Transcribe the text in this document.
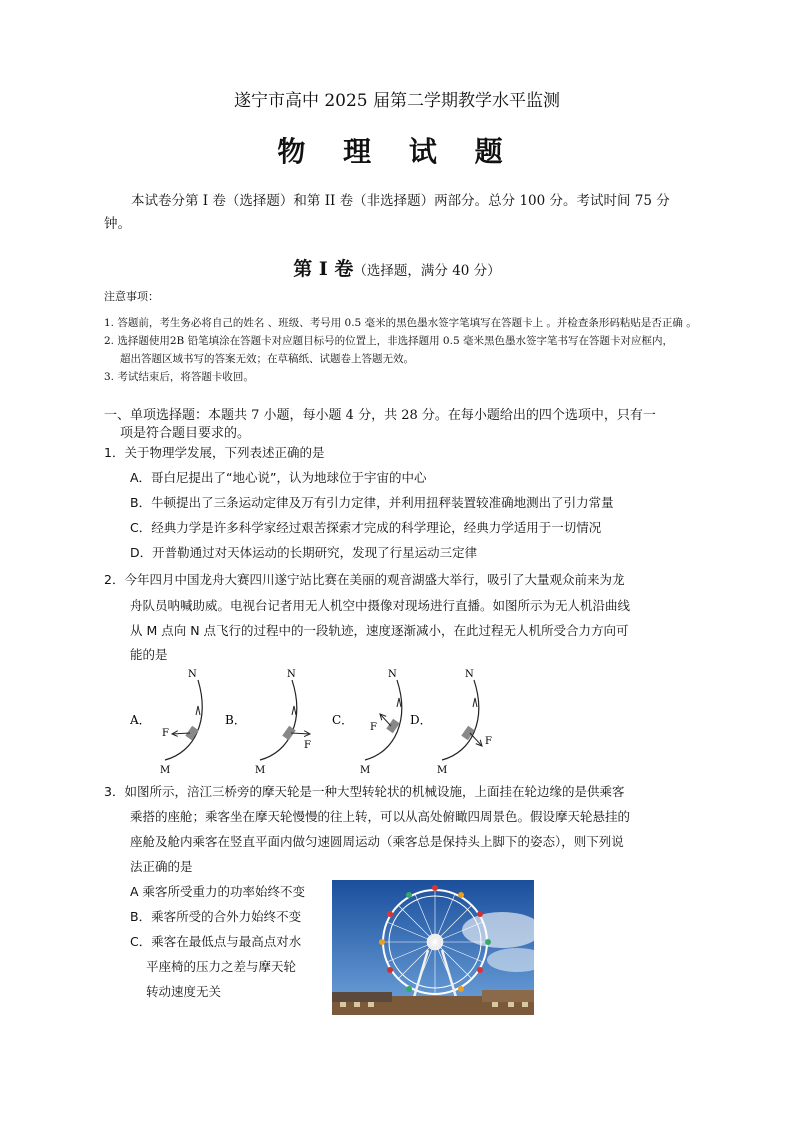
遂宁市高中 2025 届第二学期教学水平监测
物 理 试 题
本试卷分第 I 卷（选择题）和第 II 卷（非选择题）两部分。总分 100 分。考试时间 75 分钟。
第 Ⅰ 卷（选择题，满分 40 分）
注意事项：
1. 答题前，考生务必将自己的姓名 、班级、考号用 0.5 毫米的黑色墨水签字笔填写在答题卡上 。并检查条形码粘贴是否正确 。
2. 选择题使用2B 铅笔填涂在答题卡对应题目标号的位置上，非选择题用 0.5 毫米黑色墨水签字笔书写在答题卡对应框内，
超出答题区域书写的答案无效；在草稿纸、试题卷上答题无效。
3. 考试结束后，将答题卡收回。
一、单项选择题：本题共 7 小题，每小题 4 分，共 28 分。在每小题给出的四个选项中，只有一
项是符合题目要求的。
1．关于物理学发展，下列表述正确的是
A．哥白尼提出了“地心说”，认为地球位于宇宙的中心
B．牛顿提出了三条运动定律及万有引力定律，并利用扭秤装置较准确地测出了引力常量
C．经典力学是许多科学家经过艰苦探索才完成的科学理论，经典力学适用于一切情况
D．开普勒通过对天体运动的长期研究，发现了行星运动三定律
2．今年四月中国龙舟大赛四川遂宁站比赛在美丽的观音湖盛大举行，吸引了大量观众前来为龙
舟队员呐喊助威。电视台记者用无人机空中摄像对现场进行直播。如图所示为无人机沿曲线
从 M 点向 N 点飞行的过程中的一段轨迹，速度逐渐减小，在此过程无人机所受合力方向可
能的是
A．
N
M
F
B．
N
M
F
C．
N
M
F
D．
N
M
F
3．如图所示，涪江三桥旁的摩天轮是一种大型转轮状的机械设施，上面挂在轮边缘的是供乘客
乘搭的座舱；乘客坐在摩天轮慢慢的往上转，可以从高处俯瞰四周景色。假设摩天轮悬挂的
座舱及舱内乘客在竖直平面内做匀速圆周运动（乘客总是保持头上脚下的姿态），则下列说
法正确的是
A 乘客所受重力的功率始终不变
B．乘客所受的合外力始终不变
C．乘客在最低点与最高点对水
平座椅的压力之差与摩天轮
转动速度无关
